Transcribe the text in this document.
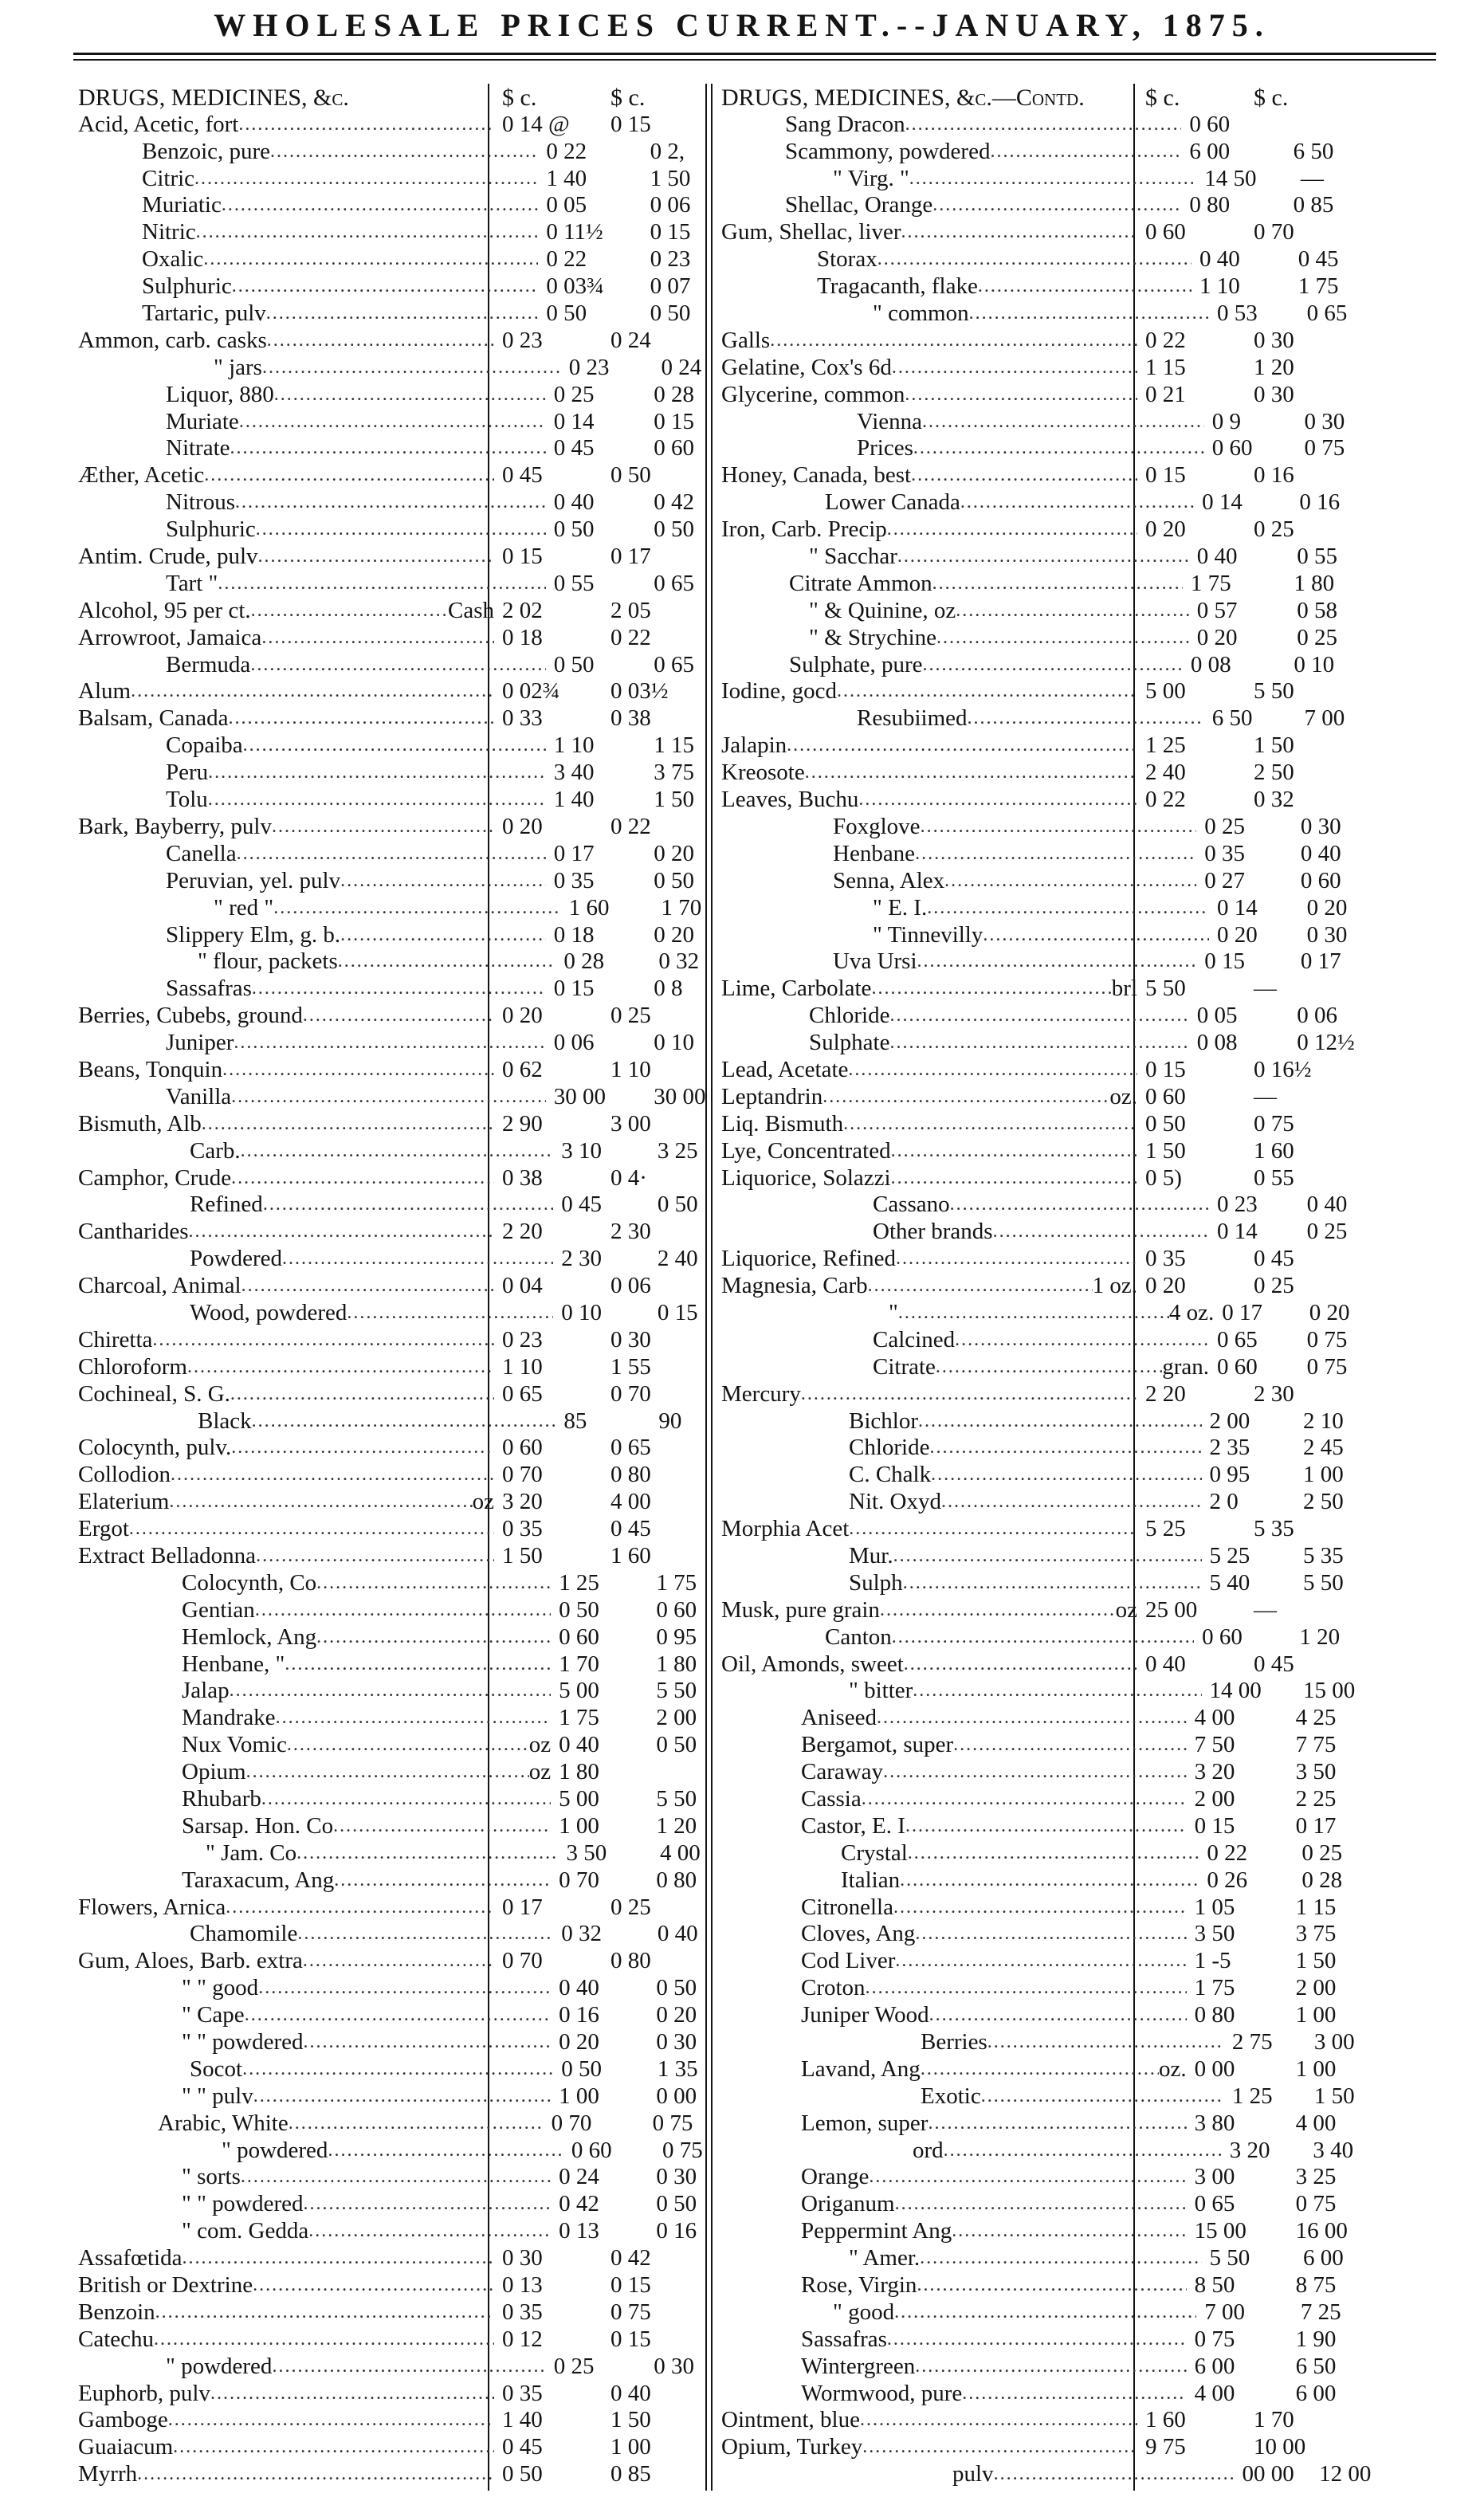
WHOLESALE PRICES CURRENT.--JANUARY, 1875.
DRUGS, MEDICINES, &c.	$ c.	$ c.
Acid, Acetic, fort .....	0 14 @	0 15
Benzoic, pure .....	0 22	0 2,
Citric .....	1 40	1 50
Muriatic .....	0 05	0 06
Nitric .....	0 11½	0 15
Oxalic .....	0 22	0 23
Sulphuric .....	0 03¾	0 07
Tartaric, pulv .....	0 50	0 50
Ammon, carb. casks .....	0 23	0 24
" jars .....	0 23	0 24
Liquor, 880 .....	0 25	0 28
Muriate .....	0 14	0 15
Nitrate .....	0 45	0 60
Æther, Acetic .....	0 45	0 50
Nitrous .....	0 40	0 42
Sulphuric .....	0 50	0 50
Antim. Crude, pulv .....	0 15	0 17
Tart " .....	0 55	0 65
Alcohol, 95 per ct. .....	Cash 2 02	2 05
Arrowroot, Jamaica .....	0 18	0 22
Bermuda .....	0 50	0 65
Alum .....	0 02¾	0 03½
Balsam, Canada .....	0 33	0 38
Copaiba .....	1 10	1 15
Peru .....	3 40	3 75
Tolu .....	1 40	1 50
Bark, Bayberry, pulv .....	0 20	0 22
Canella .....	0 17	0 20
Peruvian, yel. pulv .....	0 35	0 50
" red " .....	1 60	1 70
Slippery Elm, g. b. .....	0 18	0 20
" flour, packets .....	0 28	0 32
Sassafras .....	0 15	0 8
Berries, Cubebs, ground .....	0 20	0 25
Juniper .....	0 06	0 10
Beans, Tonquin .....	0 62	1 10
Vanilla .....	30 00	30 00
Bismuth, Alb .....	2 90	3 00
Carb. .....	3 10	3 25
Camphor, Crude .....	0 38	0 4·
Refined .....	0 45	0 50
Cantharides .....	2 20	2 30
Powdered .....	2 30	2 40
Charcoal, Animal .....	0 04	0 06
Wood, powdered .....	0 10	0 15
Chiretta .....	0 23	0 30
Chloroform .....	1 10	1 55
Cochineal, S. G. .....	0 65	0 70
Black .....	85	90
Colocynth, pulv. .....	0 60	0 65
Collodion .....	0 70	0 80
Elaterium .....	oz 3 20	4 00
Ergot .....	0 35	0 45
Extract Belladonna .....	1 50	1 60
Colocynth, Co .....	1 25	1 75
Gentian .....	0 50	0 60
Hemlock, Ang .....	0 60	0 95
Henbane, " .....	1 70	1 80
Jalap .....	5 00	5 50
Mandrake .....	1 75	2 00
Nux Vomic .....	oz 0 40	0 50
Opium .....	oz 1 80
Rhubarb .....	5 00	5 50
Sarsap. Hon. Co .....	1 00	1 20
" Jam. Co .....	3 50	4 00
Taraxacum, Ang .....	0 70	0 80
Flowers, Arnica .....	0 17	0 25
Chamomile .....	0 32	0 40
Gum, Aloes, Barb. extra .....	0 70	0 80
" " good .....	0 40	0 50
" Cape .....	0 16	0 20
" " powdered .....	0 20	0 30
Socot .....	0 50	1 35
" " pulv .....	1 00	0 00
Arabic, White .....	0 70	0 75
" powdered .....	0 60	0 75
" sorts .....	0 24	0 30
" " powdered .....	0 42	0 50
" com. Gedda .....	0 13	0 16
Assafœtida .....	0 30	0 42
British or Dextrine .....	0 13	0 15
Benzoin .....	0 35	0 75
Catechu .....	0 12	0 15
" powdered .....	0 25	0 30
Euphorb, pulv .....	0 35	0 40
Gamboge .....	1 40	1 50
Guaiacum .....	0 45	1 00
Myrrh .....	0 50	0 85
DRUGS, MEDICINES, &c.—Contd.	$ c.	$ c.
Sang Dracon .....	0 60
Scammony, powdered .....	6 00	6 50
" Virg. " .....	14 50	—
Shellac, Orange .....	0 80	0 85
Gum, Shellac, liver .....	0 60	0 70
Storax .....	0 40	0 45
Tragacanth, flake .....	1 10	1 75
" common .....	0 53	0 65
Galls .....	0 22	0 30
Gelatine, Cox's 6d .....	1 15	1 20
Glycerine, common .....	0 21	0 30
Vienna .....	0 9	0 30
Prices .....	0 60	0 75
Honey, Canada, best .....	0 15	0 16
Lower Canada .....	0 14	0 16
Iron, Carb. Precip .....	0 20	0 25
" Sacchar .....	0 40	0 55
Citrate Ammon .....	1 75	1 80
" & Quinine, oz .....	0 57	0 58
" & Strychine .....	0 20	0 25
Sulphate, pure .....	0 08	0 10
Iodine, gocd .....	5 00	5 50
Resubiimed .....	6 50	7 00
Jalapin .....	1 25	1 50
Kreosote .....	2 40	2 50
Leaves, Buchu .....	0 22	0 32
Foxglove .....	0 25	0 30
Henbane .....	0 35	0 40
Senna, Alex .....	0 27	0 60
" E. I. .....	0 14	0 20
" Tinnevilly .....	0 20	0 30
Uva Ursi .....	0 15	0 17
Lime, Carbolate .....	brl 5 50	—
Chloride .....	0 05	0 06
Sulphate .....	0 08	0 12½
Lead, Acetate .....	0 15	0 16½
Leptandrin .....	oz. 0 60	—
Liq. Bismuth .....	0 50	0 75
Lye, Concentrated .....	1 50	1 60
Liquorice, Solazzi .....	0 5)	0 55
Cassano .....	0 23	0 40
Other brands .....	0 14	0 25
Liquorice, Refined .....	0 35	0 45
Magnesia, Carb .....	1 oz. 0 20	0 25
" .....	4 oz. 0 17	0 20
Calcined .....	0 65	0 75
Citrate .....	gran. 0 60	0 75
Mercury .....	2 20	2 30
Bichlor .....	2 00	2 10
Chloride .....	2 35	2 45
C. Chalk .....	0 95	1 00
Nit. Oxyd .....	2 0	2 50
Morphia Acet .....	5 25	5 35
Mur. .....	5 25	5 35
Sulph .....	5 40	5 50
Musk, pure grain .....	oz 25 00	—
Canton .....	0 60	1 20
Oil, Amonds, sweet .....	0 40	0 45
" bitter .....	14 00	15 00
Aniseed .....	4 00	4 25
Bergamot, super .....	7 50	7 75
Caraway .....	3 20	3 50
Cassia .....	2 00	2 25
Castor, E. I .....	0 15	0 17
Crystal .....	0 22	0 25
Italian .....	0 26	0 28
Citronella .....	1 05	1 15
Cloves, Ang .....	3 50	3 75
Cod Liver .....	1 -5	1 50
Croton .....	1 75	2 00
Juniper Wood .....	0 80	1 00
Berries .....	2 75	3 00
Lavand, Ang .....	oz. 0 00	1 00
Exotic .....	1 25	1 50
Lemon, super .....	3 80	4 00
ord .....	3 20	3 40
Orange .....	3 00	3 25
Origanum .....	0 65	0 75
Peppermint Ang .....	15 00	16 00
" Amer. .....	5 50	6 00
Rose, Virgin .....	8 50	8 75
" good .....	7 00	7 25
Sassafras .....	0 75	1 90
Wintergreen .....	6 00	6 50
Wormwood, pure .....	4 00	6 00
Ointment, blue .....	1 60	1 70
Opium, Turkey .....	9 75	10 00
pulv .....	00 00	12 00
